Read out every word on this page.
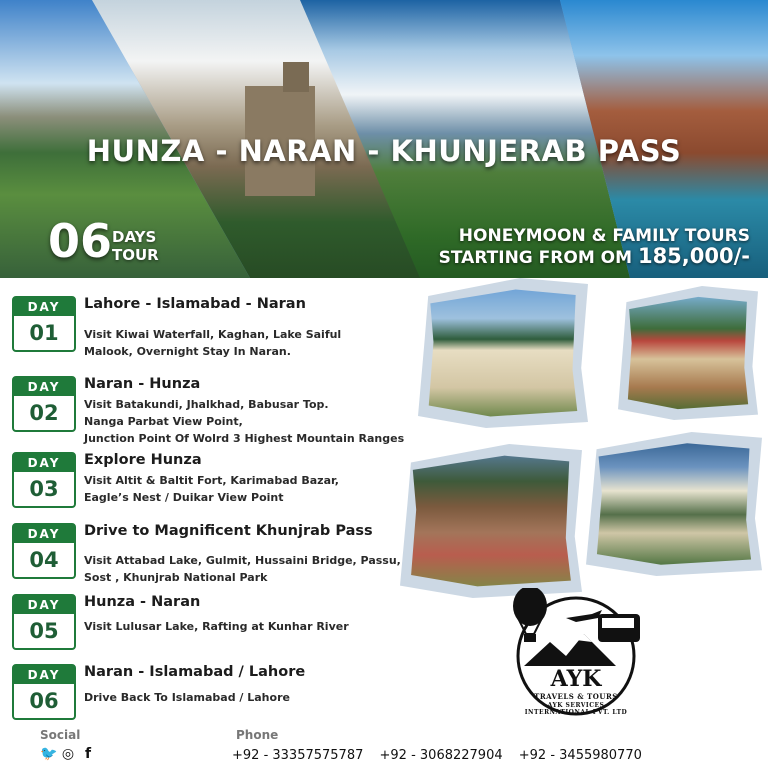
HUNZA - NARAN - KHUNJERAB PASS
06 DAYS
TOUR
HONEYMOON & FAMILY TOURS
STARTING FROM OM 185,000/-
DAY
01
Lahore - Islamabad - Naran
Visit Kiwai Waterfall, Kaghan, Lake Saiful
Malook, Overnight Stay In Naran.
DAY
02
Naran - Hunza
Visit Batakundi, Jhalkhad, Babusar Top.
Nanga Parbat View Point,
Junction Point Of Wolrd 3 Highest Mountain Ranges
DAY
03
Explore Hunza
Visit Altit & Baltit Fort, Karimabad Bazar,
Eagle’s Nest / Duikar View Point
DAY
04
Drive to Magnificent Khunjrab Pass
Visit Attabad Lake, Gulmit, Hussaini Bridge, Passu,
Sost , Khunjrab National Park
DAY
05
Hunza - Naran
Visit Lulusar Lake, Rafting at Kunhar River
DAY
06
Naran - Islamabad / Lahore
Drive Back To Islamabad / Lahore
AYK
TRAVELS & TOURS
AYK SERVICES INTERNATIONAL PVT. LTD
Social
🐦 ◎ f
Phone
+92 - 33357575787 +92 - 3068227904 +92 - 3455980770
